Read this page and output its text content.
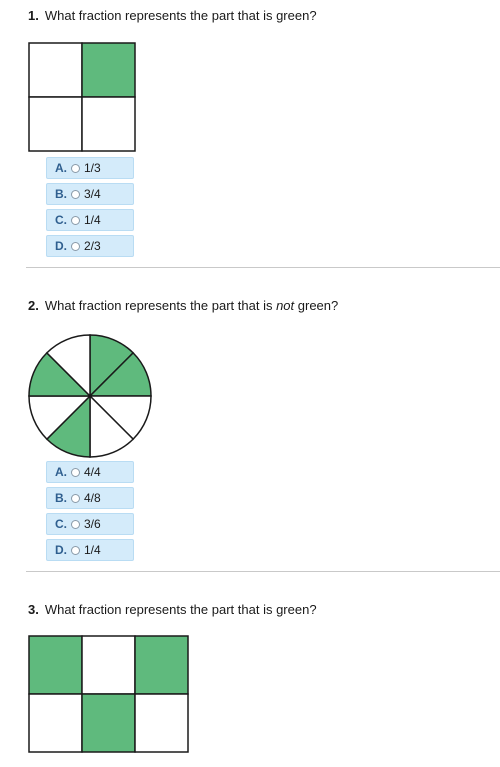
1. What fraction represents the part that is green?
A. 1/3
B. 3/4
C. 1/4
D. 2/3
2. What fraction represents the part that is not green?
A. 4/4
B. 4/8
C. 3/6
D. 1/4
3. What fraction represents the part that is green?
